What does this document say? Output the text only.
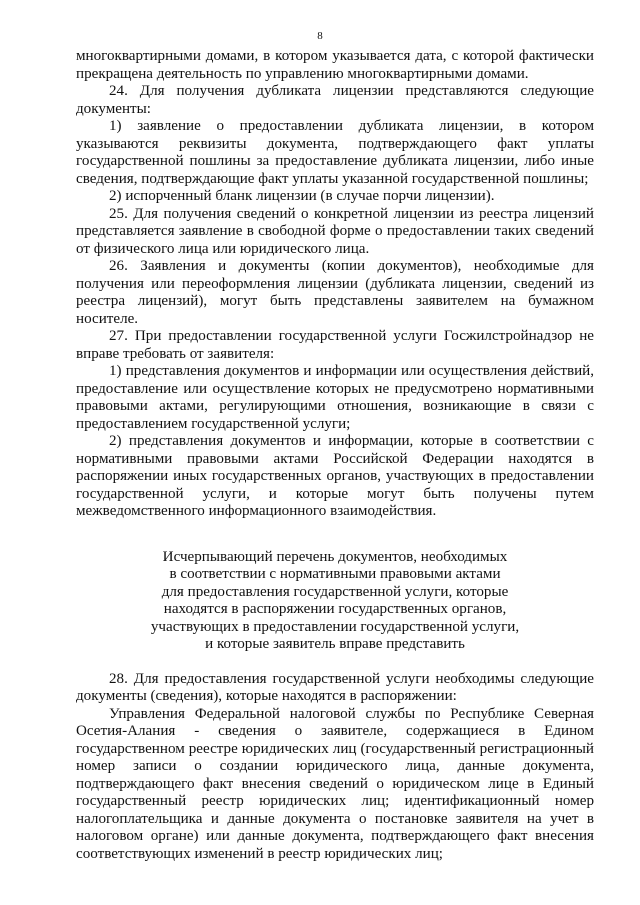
8

многоквартирными домами, в котором указывается дата, с которой фактически прекращена деятельность по управлению многоквартирными домами.

24. Для получения дубликата лицензии представляются следующие документы:

1) заявление о предоставлении дубликата лицензии, в котором указываются реквизиты документа, подтверждающего факт уплаты государственной пошлины за предоставление дубликата лицензии, либо иные сведения, подтверждающие факт уплаты указанной государственной пошлины;

2) испорченный бланк лицензии (в случае порчи лицензии).

25. Для получения сведений о конкретной лицензии из реестра лицензий представляется заявление в свободной форме о предоставлении таких сведений от физического лица или юридического лица.

26. Заявления и документы (копии документов), необходимые для получения или переоформления лицензии (дубликата лицензии, сведений из реестра лицензий), могут быть представлены заявителем на бумажном носителе.

27. При предоставлении государственной услуги Госжилстройнадзор не вправе требовать от заявителя:

1) представления документов и информации или осуществления действий, предоставление или осуществление которых не предусмотрено нормативными правовыми актами, регулирующими отношения, возникающие в связи с предоставлением государственной услуги;

2) представления документов и информации, которые в соответствии с нормативными правовыми актами Российской Федерации находятся в распоряжении иных государственных органов, участвующих в предоставлении государственной услуги, и которые могут быть получены путем межведомственного информационного взаимодействия.

Исчерпывающий перечень документов, необходимых
в соответствии с нормативными правовыми актами
для предоставления государственной услуги, которые
находятся в распоряжении государственных органов,
участвующих в предоставлении государственной услуги,
и которые заявитель вправе представить

28. Для предоставления государственной услуги необходимы следующие документы (сведения), которые находятся в распоряжении:

Управления Федеральной налоговой службы по Республике Северная Осетия-Алания - сведения о заявителе, содержащиеся в Едином государственном реестре юридических лиц (государственный регистрационный номер записи о создании юридического лица, данные документа, подтверждающего факт внесения сведений о юридическом лице в Единый государственный реестр юридических лиц; идентификационный номер налогоплательщика и данные документа о постановке заявителя на учет в налоговом органе) или данные документа, подтверждающего факт внесения соответствующих изменений в реестр юридических лиц;
